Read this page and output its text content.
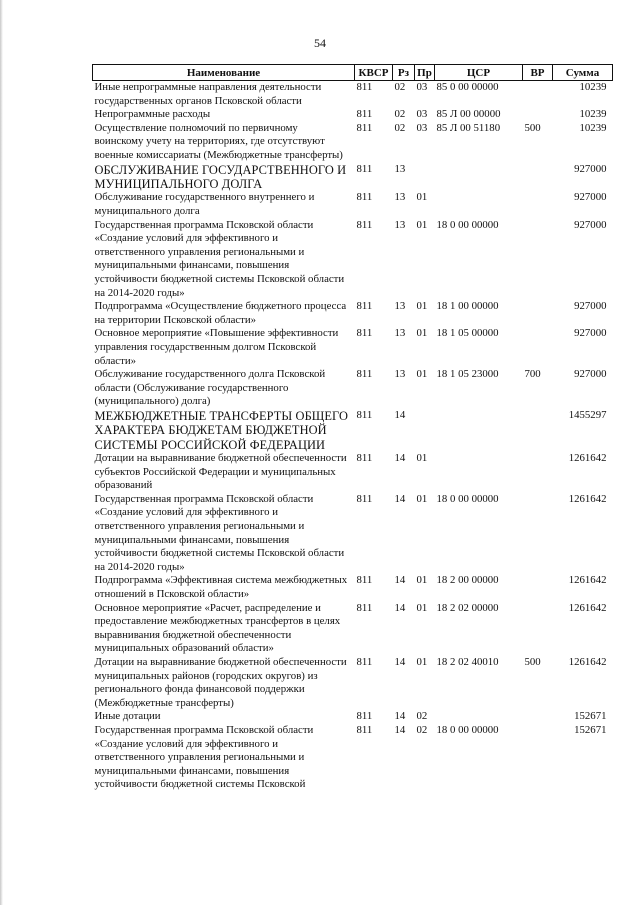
54
Наименование	КВСР	Рз	Пр	ЦСР	ВР	Сумма
Иные непрограммные направления деятельности государственных органов Псковской области	811	02	03	85 0 00 00000		10239
Непрограммные расходы	811	02	03	85 Л 00 00000		10239
Осуществление полномочий по первичному воинскому учету на территориях, где отсутствуют военные комиссариаты (Межбюджетные трансферты)	811	02	03	85 Л 00 51180	500	10239
ОБСЛУЖИВАНИЕ ГОСУДАРСТВЕННОГО И МУНИЦИПАЛЬНОГО ДОЛГА	811	13				927000
Обслуживание государственного внутреннего и муниципального долга	811	13	01			927000
Государственная программа Псковской области «Создание условий для эффективного и ответственного управления региональными и муниципальными финансами, повышения устойчивости бюджетной системы Псковской области на 2014-2020 годы»	811	13	01	18 0 00 00000		927000
Подпрограмма «Осуществление бюджетного процесса на территории Псковской области»	811	13	01	18 1 00 00000		927000
Основное мероприятие «Повышение эффективности управления государственным долгом Псковской области»	811	13	01	18 1 05 00000		927000
Обслуживание государственного долга Псковской области (Обслуживание государственного (муниципального) долга)	811	13	01	18 1 05 23000	700	927000
МЕЖБЮДЖЕТНЫЕ ТРАНСФЕРТЫ ОБЩЕГО ХАРАКТЕРА БЮДЖЕТАМ БЮДЖЕТНОЙ СИСТЕМЫ РОССИЙСКОЙ ФЕДЕРАЦИИ	811	14				1455297
Дотации на выравнивание бюджетной обеспеченности субъектов Российской Федерации и муниципальных образований	811	14	01			1261642
Государственная программа Псковской области «Создание условий для эффективного и ответственного управления региональными и муниципальными финансами, повышения устойчивости бюджетной системы Псковской области на 2014-2020 годы»	811	14	01	18 0 00 00000		1261642
Подпрограмма «Эффективная система межбюджетных отношений в Псковской области»	811	14	01	18 2 00 00000		1261642
Основное мероприятие «Расчет, распределение и предоставление межбюджетных трансфертов в целях выравнивания бюджетной обеспеченности муниципальных образований области»	811	14	01	18 2 02 00000		1261642
Дотации на выравнивание бюджетной обеспеченности муниципальных районов (городских округов) из регионального фонда финансовой поддержки (Межбюджетные трансферты)	811	14	01	18 2 02 40010	500	1261642
Иные дотации	811	14	02			152671
Государственная программа Псковской области «Создание условий для эффективного и ответственного управления региональными и муниципальными финансами, повышения устойчивости бюджетной системы Псковской	811	14	02	18 0 00 00000		152671
